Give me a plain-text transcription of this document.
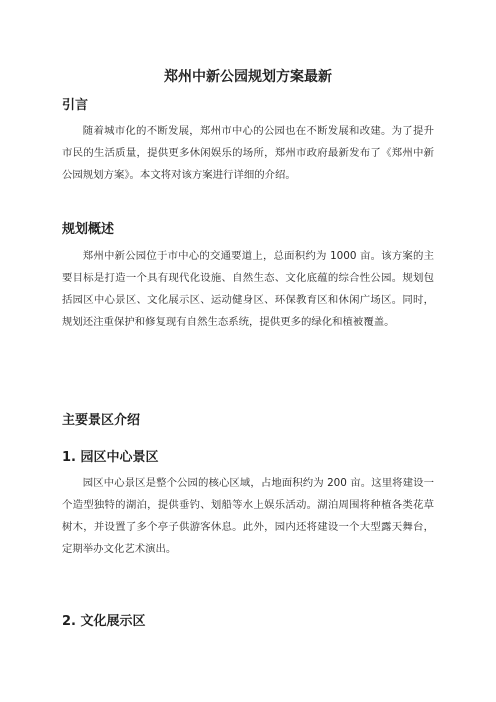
郑州中新公园规划方案最新
引言

随着城市化的不断发展，郑州市中心的公园也在不断发展和改建。为了提升市民的生活质量，提供更多休闲娱乐的场所，郑州市政府最新发布了《郑州中新公园规划方案》。本文将对该方案进行详细的介绍。

规划概述

郑州中新公园位于市中心的交通要道上，总面积约为 1000 亩。该方案的主要目标是打造一个具有现代化设施、自然生态、文化底蕴的综合性公园。规划包括园区中心景区、文化展示区、运动健身区、环保教育区和休闲广场区。同时，规划还注重保护和修复现有自然生态系统，提供更多的绿化和植被覆盖。

主要景区介绍
1. 园区中心景区

园区中心景区是整个公园的核心区域，占地面积约为 200 亩。这里将建设一个造型独特的湖泊，提供垂钓、划船等水上娱乐活动。湖泊周围将种植各类花草树木，并设置了多个亭子供游客休息。此外，园内还将建设一个大型露天舞台，定期举办文化艺术演出。

2. 文化展示区
